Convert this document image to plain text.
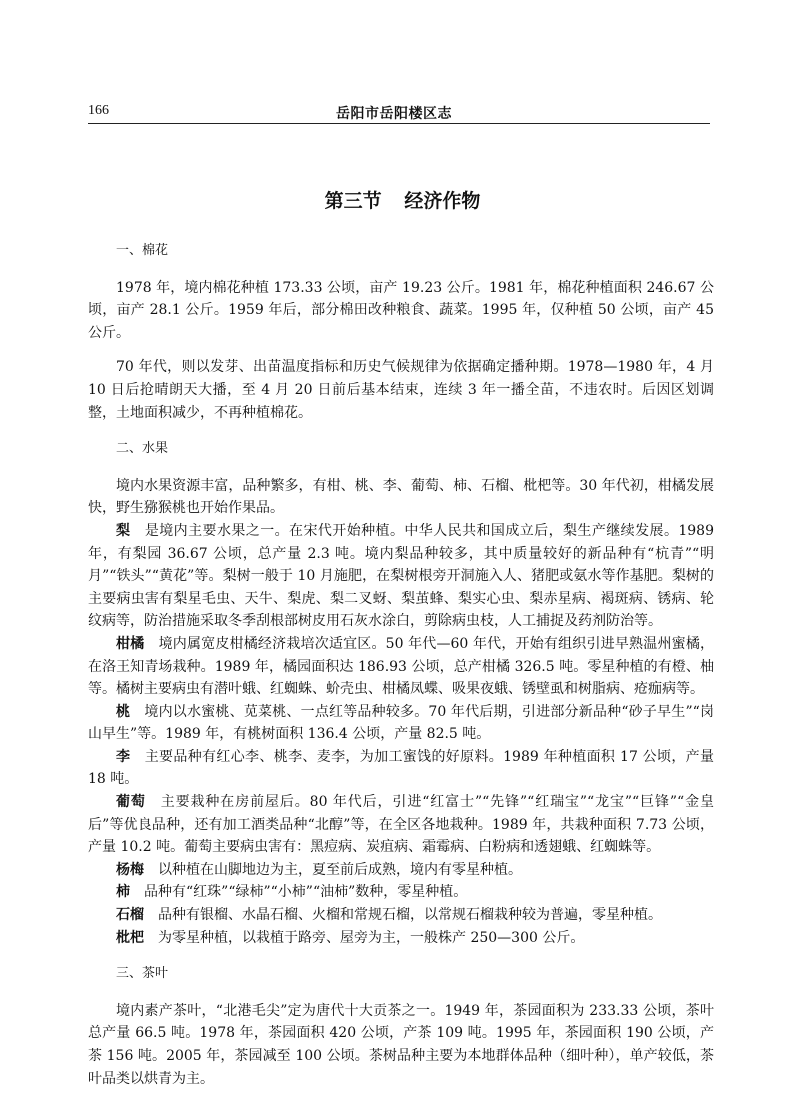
166	岳阳市岳阳楼区志
第三节 经济作物
一、棉花

1978 年，境内棉花种植 173.33 公顷，亩产 19.23 公斤。1981 年，棉花种植面积 246.67 公顷，亩产 28.1 公斤。1959 年后，部分棉田改种粮食、蔬菜。1995 年，仅种植 50 公顷，亩产 45 公斤。

70 年代，则以发芽、出苗温度指标和历史气候规律为依据确定播种期。1978—1980 年，4 月 10 日后抢晴朗天大播，至 4 月 20 日前后基本结束，连续 3 年一播全苗，不违农时。后因区划调整，土地面积减少，不再种植棉花。

二、水果

境内水果资源丰富，品种繁多，有柑、桃、李、葡萄、柿、石榴、枇杷等。30 年代初，柑橘发展快，野生猕猴桃也开始作果品。

梨　 是境内主要水果之一。在宋代开始种植。中华人民共和国成立后，梨生产继续发展。1989 年，有梨园 36.67 公顷，总产量 2.3 吨。境内梨品种较多，其中质量较好的新品种有“杭青”“明月”“铁头”“黄花”等。梨树一般于 10 月施肥，在梨树根旁开洞施入人、猪肥或氨水等作基肥。梨树的主要病虫害有梨星毛虫、天牛、梨虎、梨二叉蚜、梨茧蜂、梨实心虫、梨赤星病、褐斑病、锈病、轮纹病等，防治措施采取冬季刮根部树皮用石灰水涂白，剪除病虫枝，人工捕捉及药剂防治等。

柑橘　 境内属宽皮柑橘经济栽培次适宜区。50 年代—60 年代，开始有组织引进早熟温州蜜橘，在洛王知青场栽种。1989 年，橘园面积达 186.93 公顷，总产柑橘 326.5 吨。零星种植的有橙、柚等。橘树主要病虫有潜叶蛾、红蜘蛛、蚧壳虫、柑橘凤蝶、吸果夜蛾、锈壁虱和树脂病、疮痂病等。

桃　 境内以水蜜桃、苋菜桃、一点红等品种较多。70 年代后期，引进部分新品种“砂子早生”“岗山早生”等。1989 年，有桃树面积 136.4 公顷，产量 82.5 吨。

李　 主要品种有红心李、桃李、麦李，为加工蜜饯的好原料。1989 年种植面积 17 公顷，产量 18 吨。

葡萄　 主要栽种在房前屋后。80 年代后，引进“红富士”“先锋”“红瑞宝”“龙宝”“巨锋”“金皇后”等优良品种，还有加工酒类品种“北醇”等，在全区各地栽种。1989 年，共栽种面积 7.73 公顷，产量 10.2 吨。葡萄主要病虫害有：黑痘病、炭疽病、霜霉病、白粉病和透翅蛾、红蜘蛛等。

杨梅　 以种植在山脚地边为主，夏至前后成熟，境内有零星种植。

柿　 品种有“红珠”“绿柿”“小柿”“油柿”数种，零星种植。

石榴　 品种有银榴、水晶石榴、火榴和常规石榴，以常规石榴栽种较为普遍，零星种植。

枇杷　 为零星种植，以栽植于路旁、屋旁为主，一般株产 250—300 公斤。

三、茶叶

境内素产茶叶，“北港毛尖”定为唐代十大贡茶之一。1949 年，茶园面积为 233.33 公顷，茶叶总产量 66.5 吨。1978 年，茶园面积 420 公顷，产茶 109 吨。1995 年，茶园面积 190 公顷，产茶 156 吨。2005 年，茶园减至 100 公顷。茶树品种主要为本地群体品种（细叶种），单产较低，茶叶品类以烘青为主。
